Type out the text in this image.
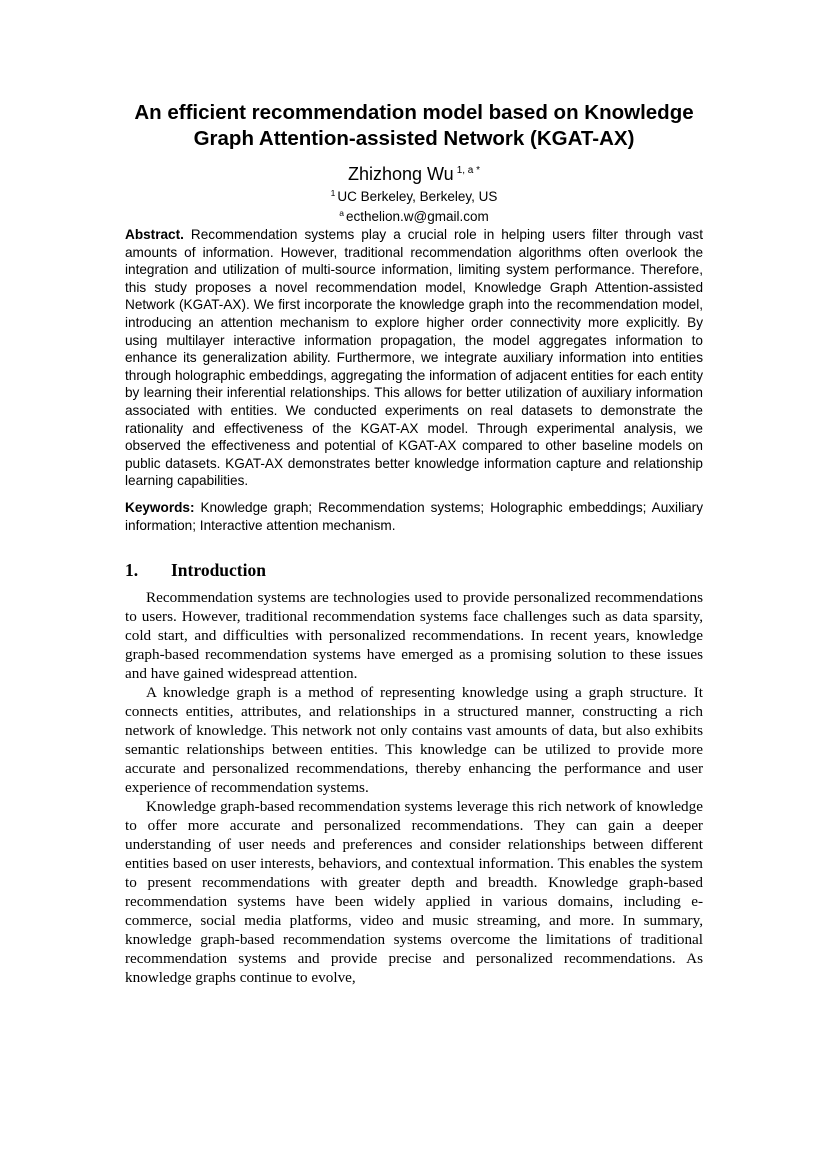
An efficient recommendation model based on Knowledge Graph Attention-assisted Network (KGAT-AX)
Zhizhong Wu $^{1, a *}$
$^1$ UC Berkeley, Berkeley, US
$^a$ ecthelion.w@gmail.com

Abstract. Recommendation systems play a crucial role in helping users filter through vast amounts of information. However, traditional recommendation algorithms often overlook the integration and utilization of multi-source information, limiting system performance. Therefore, this study proposes a novel recommendation model, Knowledge Graph Attention-assisted Network (KGAT-AX). We first incorporate the knowledge graph into the recommendation model, introducing an attention mechanism to explore higher order connectivity more explicitly. By using multilayer interactive information propagation, the model aggregates information to enhance its generalization ability. Furthermore, we integrate auxiliary information into entities through holographic embeddings, aggregating the information of adjacent entities for each entity by learning their inferential relationships. This allows for better utilization of auxiliary information associated with entities. We conducted experiments on real datasets to demonstrate the rationality and effectiveness of the KGAT-AX model. Through experimental analysis, we observed the effectiveness and potential of KGAT-AX compared to other baseline models on public datasets. KGAT-AX demonstrates better knowledge information capture and relationship learning capabilities.

Keywords: Knowledge graph; Recommendation systems; Holographic embeddings; Auxiliary information; Interactive attention mechanism.

1.	Introduction

Recommendation systems are technologies used to provide personalized recommendations to users. However, traditional recommendation systems face challenges such as data sparsity, cold start, and difficulties with personalized recommendations. In recent years, knowledge graph-based recommendation systems have emerged as a promising solution to these issues and have gained widespread attention.

A knowledge graph is a method of representing knowledge using a graph structure. It connects entities, attributes, and relationships in a structured manner, constructing a rich network of knowledge. This network not only contains vast amounts of data, but also exhibits semantic relationships between entities. This knowledge can be utilized to provide more accurate and personalized recommendations, thereby enhancing the performance and user experience of recommendation systems.

Knowledge graph-based recommendation systems leverage this rich network of knowledge to offer more accurate and personalized recommendations. They can gain a deeper understanding of user needs and preferences and consider relationships between different entities based on user interests, behaviors, and contextual information. This enables the system to present recommendations with greater depth and breadth. Knowledge graph-based recommendation systems have been widely applied in various domains, including e-commerce, social media platforms, video and music streaming, and more. In summary, knowledge graph-based recommendation systems overcome the limitations of traditional recommendation systems and provide precise and personalized recommendations. As knowledge graphs continue to evolve,
